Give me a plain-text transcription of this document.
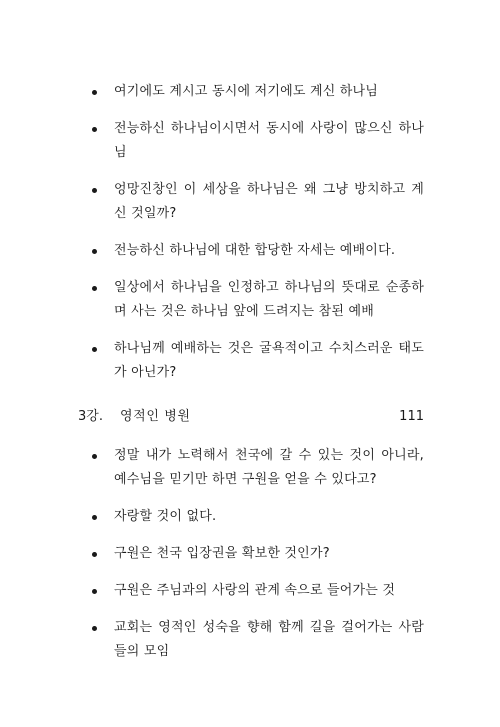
여기에도 계시고 동시에 저기에도 계신 하나님
전능하신 하나님이시면서 동시에 사랑이 많으신 하나님
엉망진창인 이 세상을 하나님은 왜 그냥 방치하고 계신 것일까?
전능하신 하나님에 대한 합당한 자세는 예배이다.
일상에서 하나님을 인정하고 하나님의 뜻대로 순종하며 사는 것은 하나님 앞에 드려지는 참된 예배
하나님께 예배하는 것은 굴욕적이고 수치스러운 태도가 아닌가?
3강. 영적인 병원	111
정말 내가 노력해서 천국에 갈 수 있는 것이 아니라, 예수님을 믿기만 하면 구원을 얻을 수 있다고?
자랑할 것이 없다.
구원은 천국 입장권을 확보한 것인가?
구원은 주님과의 사랑의 관계 속으로 들어가는 것
교회는 영적인 성숙을 향해 함께 길을 걸어가는 사람들의 모임
